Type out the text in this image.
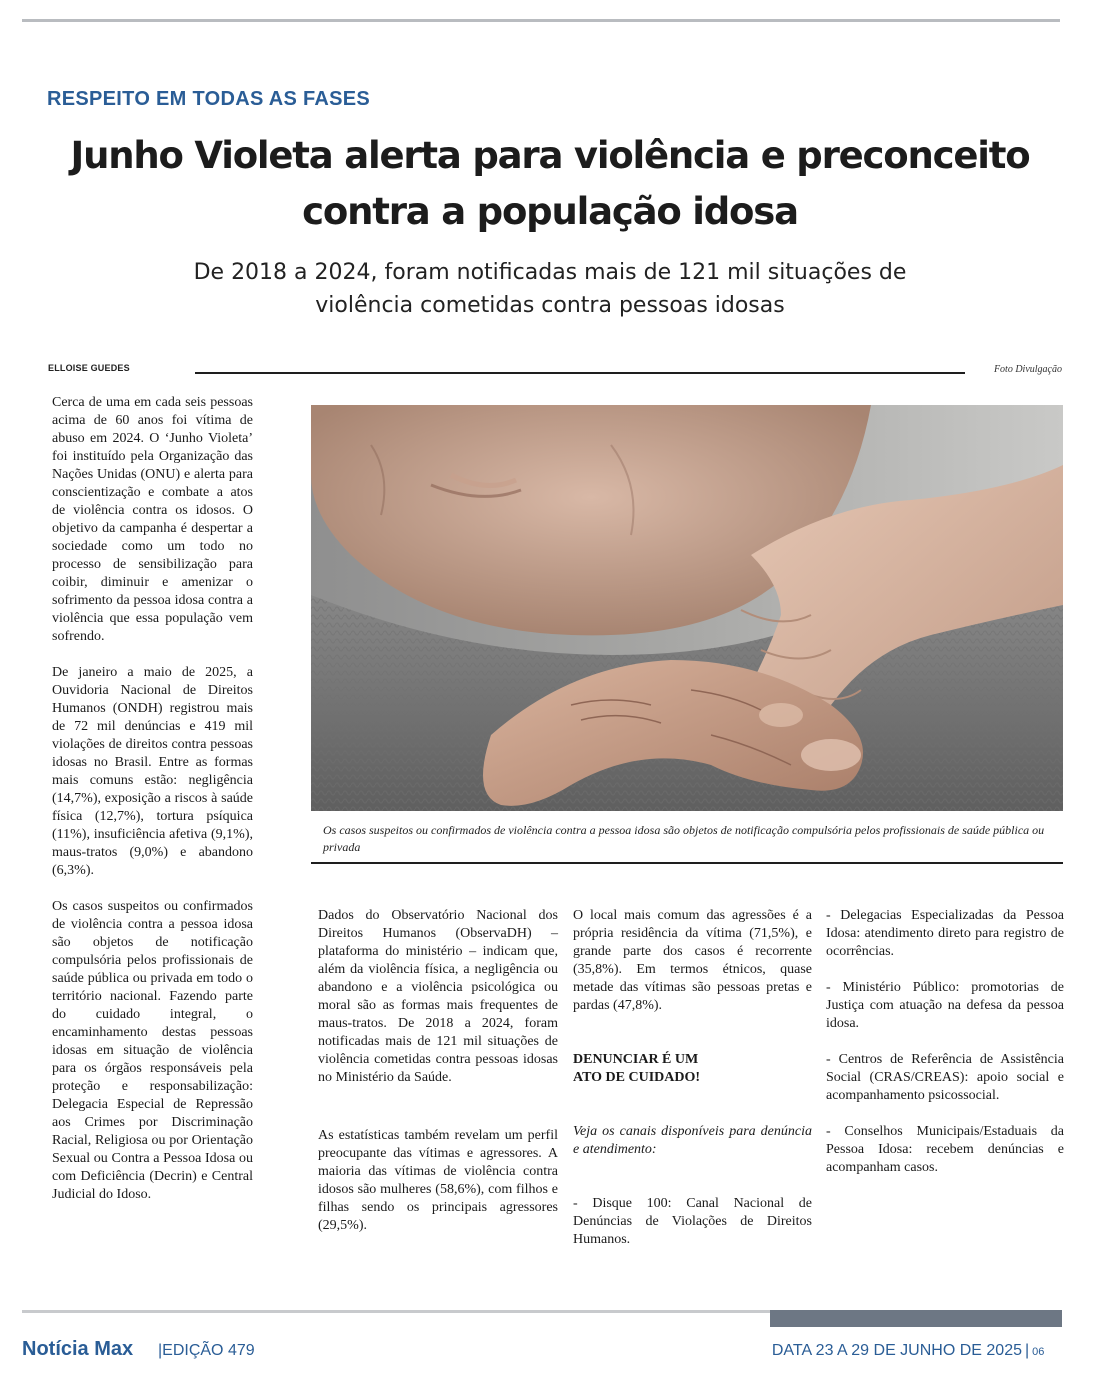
RESPEITO EM TODAS AS FASES
Junho Violeta alerta para violência e preconceito
contra a população idosa
De 2018 a 2024, foram notificadas mais de 121 mil situações de
violência cometidas contra pessoas idosas
ELLOISE GUEDES	Foto Divulgação

Cerca de uma em cada seis pessoas acima de 60 anos foi vítima de abuso em 2024. O ‘Junho Violeta’ foi instituído pela Organização das Nações Unidas (ONU) e alerta para conscientização e combate a atos de violência contra os idosos. O objetivo da campanha é despertar a sociedade como um todo no processo de sensibilização para coibir, diminuir e amenizar o sofrimento da pessoa idosa contra a violência que essa população vem sofrendo.

De janeiro a maio de 2025, a Ouvidoria Nacional de Direitos Humanos (ONDH) registrou mais de 72 mil denúncias e 419 mil violações de direitos contra pessoas idosas no Brasil. Entre as formas mais comuns estão: negligência (14,7%), exposição a riscos à saúde física (12,7%), tortura psíquica (11%), insuficiência afetiva (9,1%), maus-tratos (9,0%) e abandono (6,3%).

Os casos suspeitos ou confirmados de violência contra a pessoa idosa são objetos de notificação compulsória pelos profissionais de saúde pública ou privada em todo o território nacional. Fazendo parte do cuidado integral, o encaminhamento destas pessoas idosas em situação de violência para os órgãos responsáveis pela proteção e responsabilização: Delegacia Especial de Repressão aos Crimes por Discriminação Racial, Religiosa ou por Orientação Sexual ou Contra a Pessoa Idosa ou com Deficiência (Decrin) e Central Judicial do Idoso.

Os casos suspeitos ou confirmados de violência contra a pessoa idosa são objetos de notificação compulsória pelos profissionais de saúde pública ou privada

Dados do Observatório Nacional dos Direitos Humanos (ObservaDH) – plataforma do ministério – indicam que, além da violência física, a negligência ou abandono e a violência psicológica ou moral são as formas mais frequentes de maus-tratos. De 2018 a 2024, foram notificadas mais de 121 mil situações de violência cometidas contra pessoas idosas no Ministério da Saúde.

As estatísticas também revelam um perfil preocupante das vítimas e agressores. A maioria das vítimas de violência contra idosos são mulheres (58,6%), com filhos e filhas sendo os principais agressores (29,5%).

O local mais comum das agressões é a própria residência da vítima (71,5%), e grande parte dos casos é recorrente (35,8%). Em termos étnicos, quase metade das vítimas são pessoas pretas e pardas (47,8%).

DENUNCIAR É UM
ATO DE CUIDADO!

Veja os canais disponíveis para denúncia e atendimento:

- Disque 100: Canal Nacional de Denúncias de Violações de Direitos Humanos.

- Delegacias Especializadas da Pessoa Idosa: atendimento direto para registro de ocorrências.

- Ministério Público: promotorias de Justiça com atuação na defesa da pessoa idosa.

- Centros de Referência de Assistência Social (CRAS/CREAS): apoio social e acompanhamento psicossocial.

- Conselhos Municipais/Estaduais da Pessoa Idosa: recebem denúncias e acompanham casos.

Notícia Max |EDIÇÃO 479	DATA 23 A 29 DE JUNHO DE 2025 | 06
